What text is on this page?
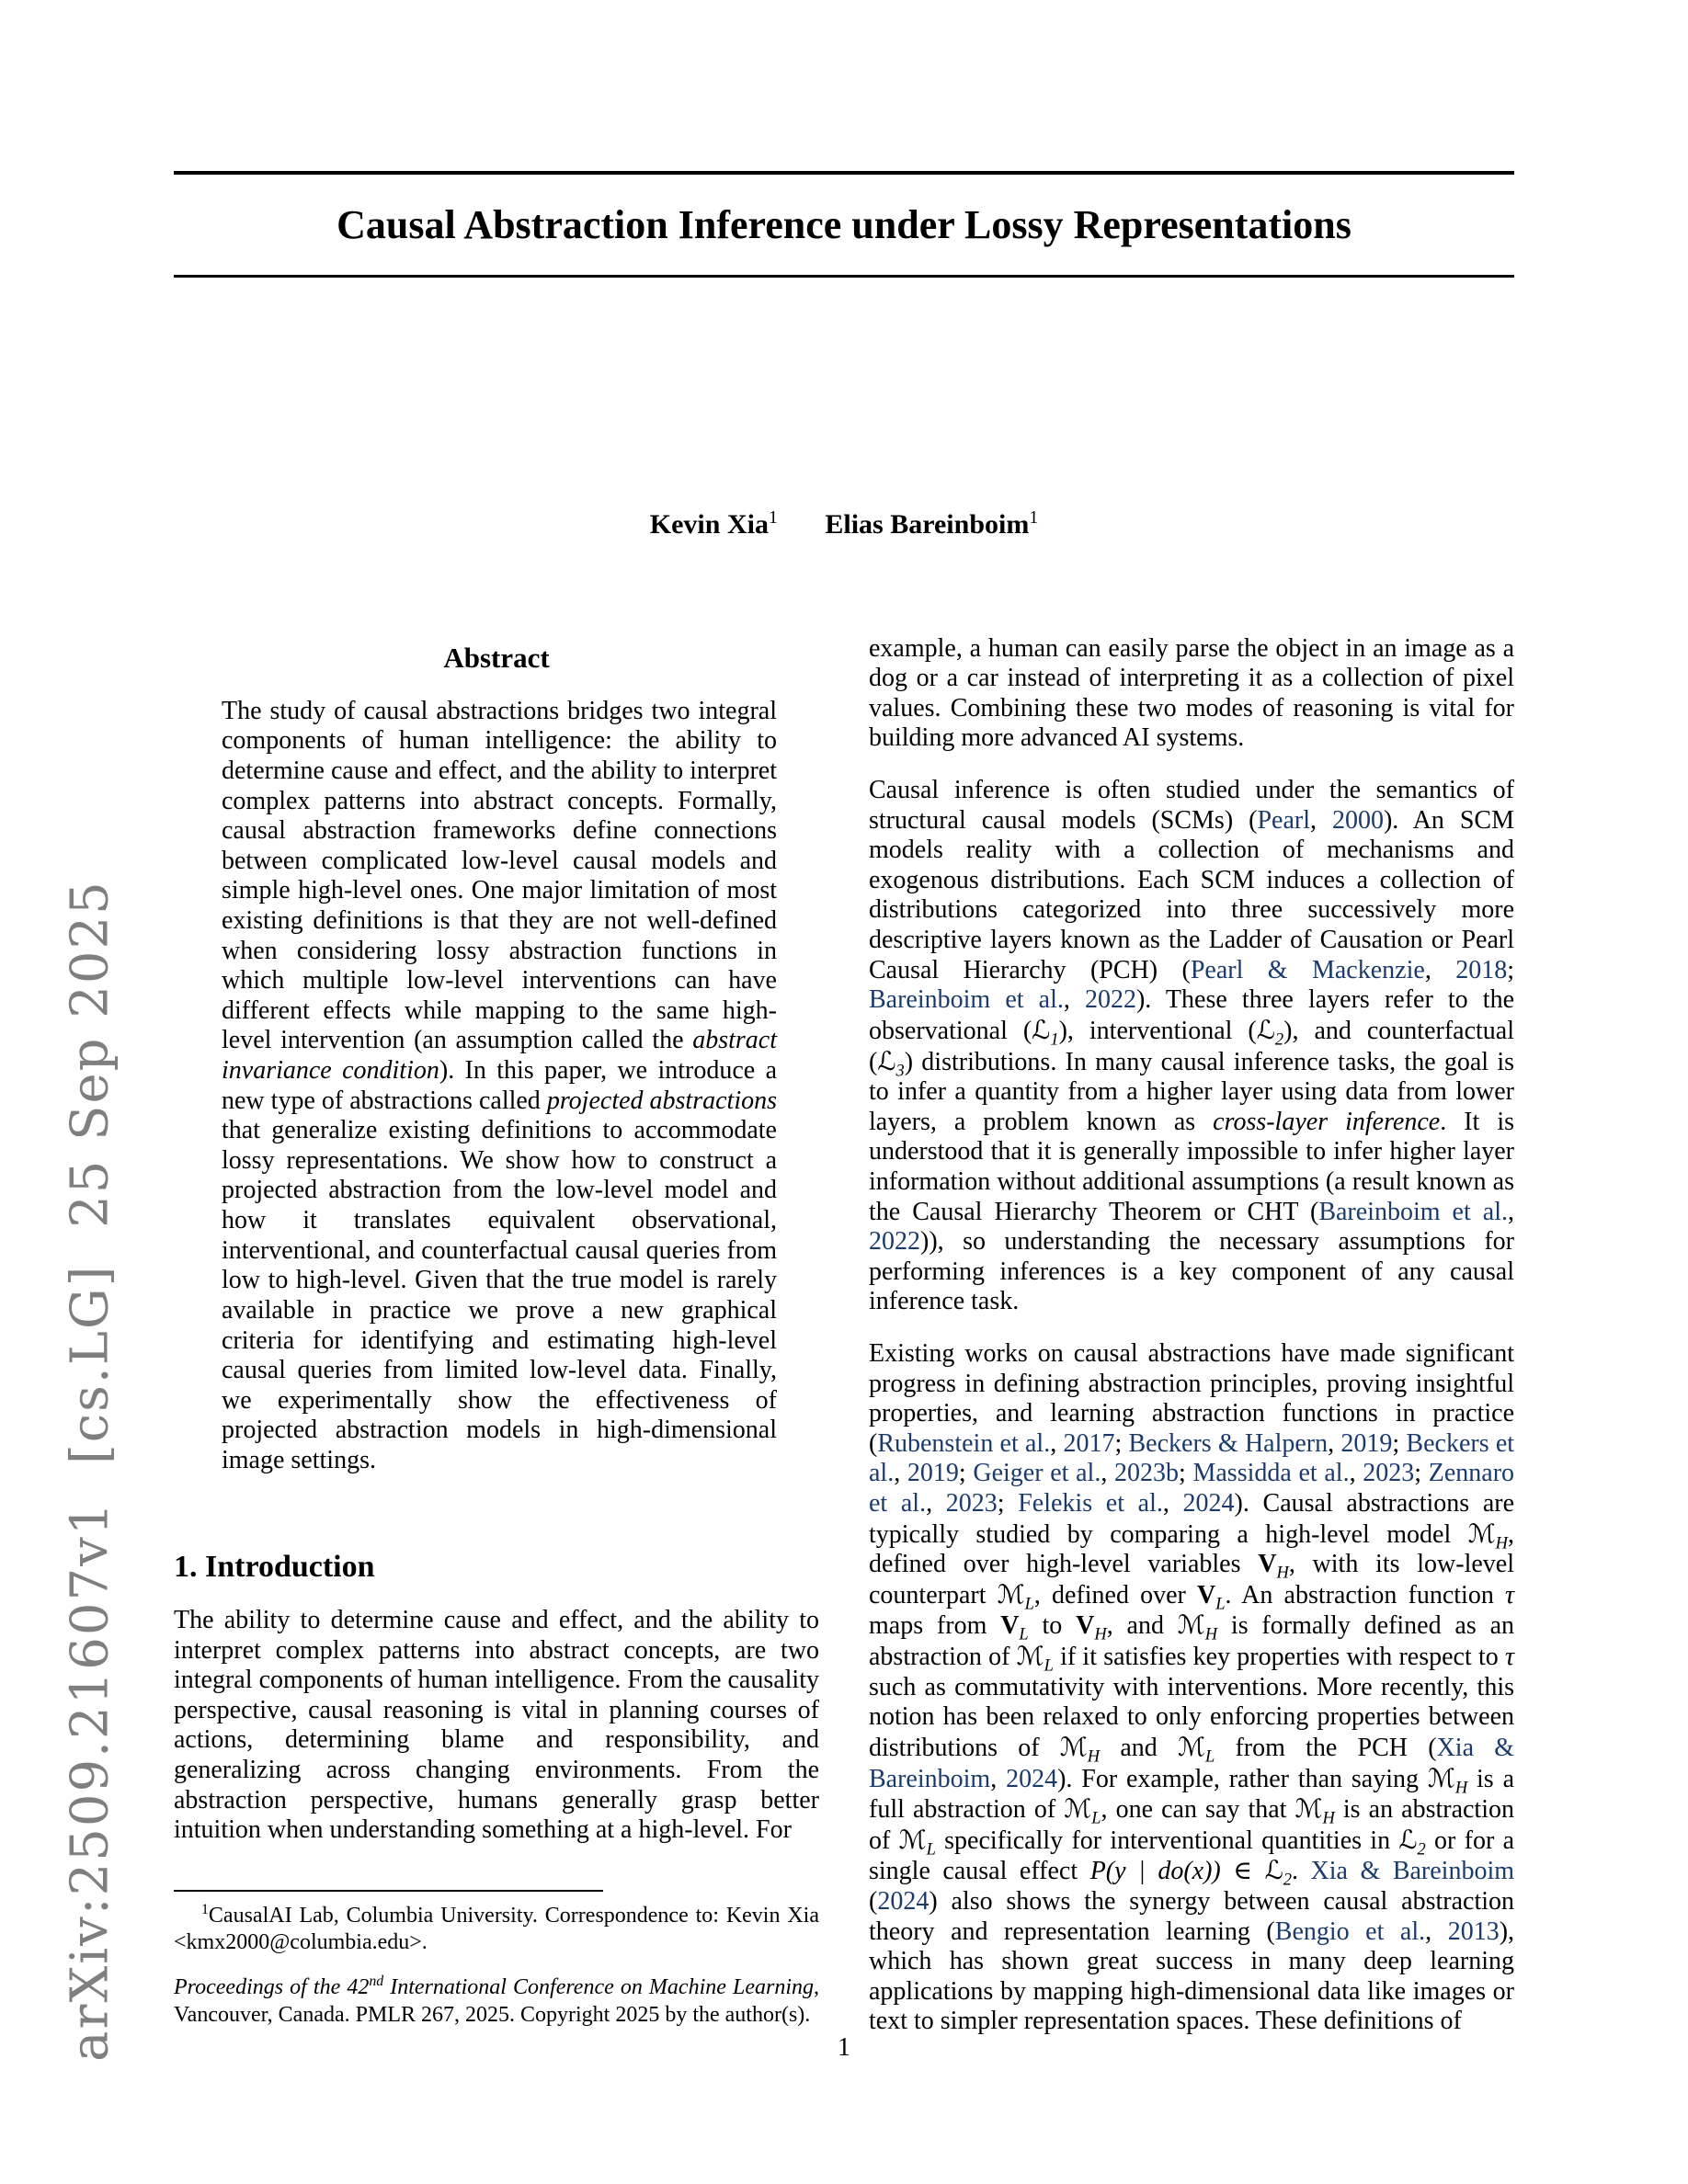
arXiv:2509.21607v1  [cs.LG]  25 Sep 2025
Causal Abstraction Inference under Lossy Representations
Kevin Xia$^1$ Elias Bareinboim$^1$
Abstract

The study of causal abstractions bridges two integral components of human intelligence: the ability to determine cause and effect, and the ability to interpret complex patterns into abstract concepts. Formally, causal abstraction frameworks define connections between complicated low-level causal models and simple high-level ones. One major limitation of most existing definitions is that they are not well-defined when considering lossy abstraction functions in which multiple low-level interventions can have different effects while mapping to the same high-level intervention (an assumption called the abstract invariance condition). In this paper, we introduce a new type of abstractions called projected abstractions that generalize existing definitions to accommodate lossy representations. We show how to construct a projected abstraction from the low-level model and how it translates equivalent observational, interventional, and counterfactual causal queries from low to high-level. Given that the true model is rarely available in practice we prove a new graphical criteria for identifying and estimating high-level causal queries from limited low-level data. Finally, we experimentally show the effectiveness of projected abstraction models in high-dimensional image settings.

1. Introduction

The ability to determine cause and effect, and the ability to interpret complex patterns into abstract concepts, are two integral components of human intelligence. From the causality perspective, causal reasoning is vital in planning courses of actions, determining blame and responsibility, and generalizing across changing environments. From the abstraction perspective, humans generally grasp better intuition when understanding something at a high-level. For

$^1$CausalAI Lab, Columbia University. Correspondence to: Kevin Xia <kmx2000@columbia.edu>.

Proceedings of the 42nd International Conference on Machine Learning, Vancouver, Canada. PMLR 267, 2025. Copyright 2025 by the author(s).

example, a human can easily parse the object in an image as a dog or a car instead of interpreting it as a collection of pixel values. Combining these two modes of reasoning is vital for building more advanced AI systems.

Causal inference is often studied under the semantics of structural causal models (SCMs) (Pearl, 2000). An SCM models reality with a collection of mechanisms and exogenous distributions. Each SCM induces a collection of distributions categorized into three successively more descriptive layers known as the Ladder of Causation or Pearl Causal Hierarchy (PCH) (Pearl & Mackenzie, 2018; Bareinboim et al., 2022). These three layers refer to the observational (ℒ$_1$), interventional (ℒ$_2$), and counterfactual (ℒ$_3$) distributions. In many causal inference tasks, the goal is to infer a quantity from a higher layer using data from lower layers, a problem known as cross-layer inference. It is understood that it is generally impossible to infer higher layer information without additional assumptions (a result known as the Causal Hierarchy Theorem or CHT (Bareinboim et al., 2022)), so understanding the necessary assumptions for performing inferences is a key component of any causal inference task.

Existing works on causal abstractions have made significant progress in defining abstraction principles, proving insightful properties, and learning abstraction functions in practice (Rubenstein et al., 2017; Beckers & Halpern, 2019; Beckers et al., 2019; Geiger et al., 2023b; Massidda et al., 2023; Zennaro et al., 2023; Felekis et al., 2024). Causal abstractions are typically studied by comparing a high-level model ℳ$_H$, defined over high-level variables $V_H$, with its low-level counterpart ℳ$_L$, defined over $V_L$. An abstraction function τ maps from $V_L$ to $V_H$, and ℳ$_H$ is formally defined as an abstraction of ℳ$_L$ if it satisfies key properties with respect to τ such as commutativity with interventions. More recently, this notion has been relaxed to only enforcing properties between distributions of ℳ$_H$ and ℳ$_L$ from the PCH (Xia & Bareinboim, 2024). For example, rather than saying ℳ$_H$ is a full abstraction of ℳ$_L$, one can say that ℳ$_H$ is an abstraction of ℳ$_L$ specifically for interventional quantities in ℒ$_2$ or for a single causal effect P(y | do(x)) ∈ ℒ$_2$. Xia & Bareinboim (2024) also shows the synergy between causal abstraction theory and representation learning (Bengio et al., 2013), which has shown great success in many deep learning applications by mapping high-dimensional data like images or text to simpler representation spaces. These definitions of

1
